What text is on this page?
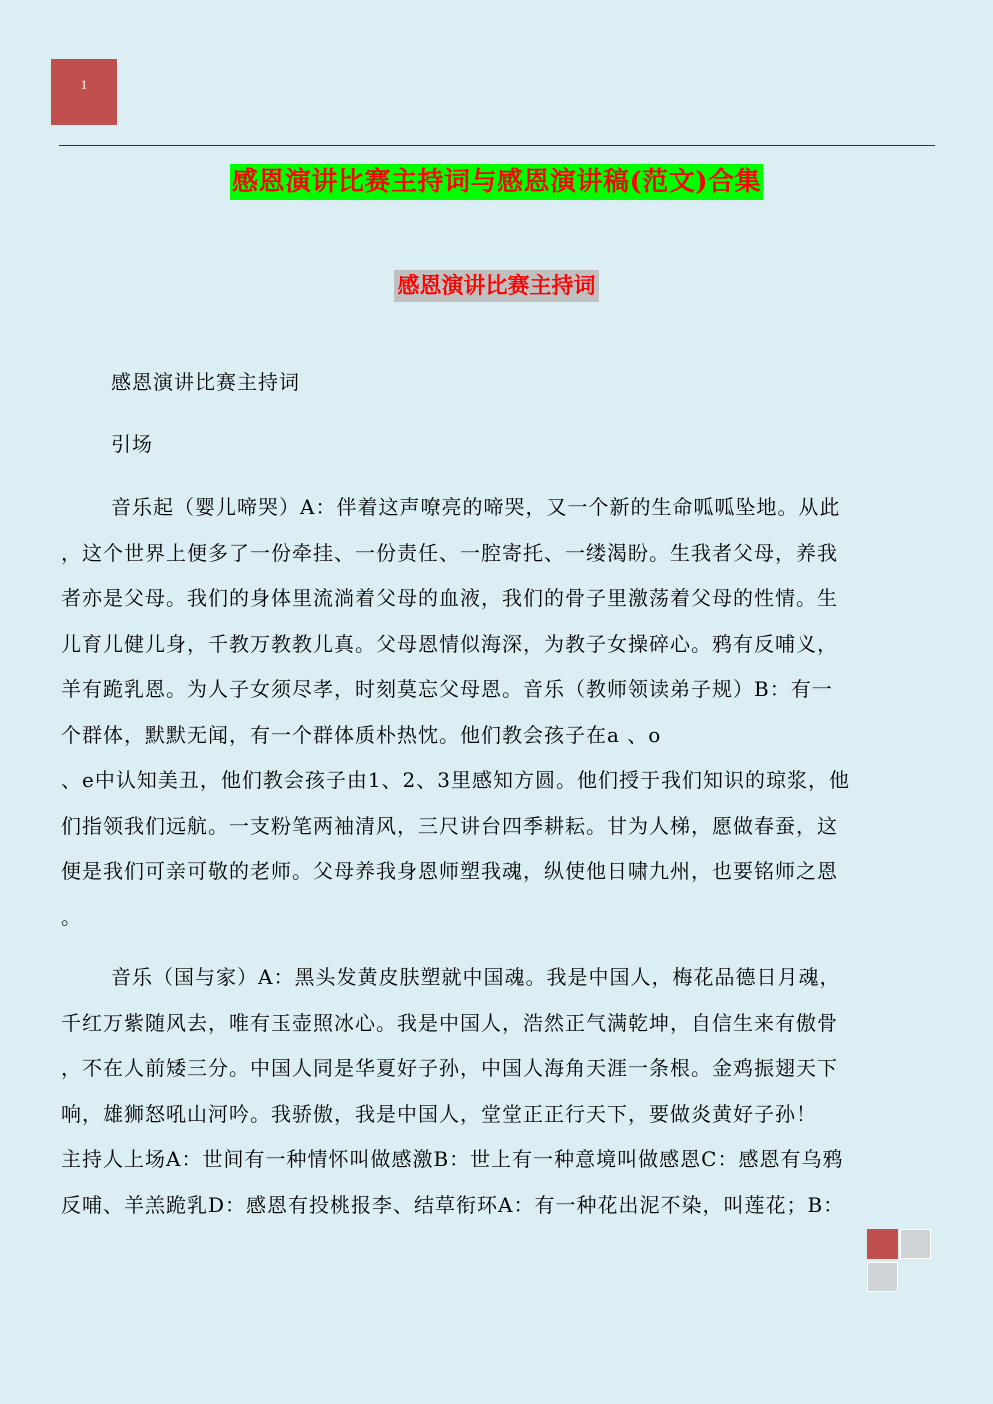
1
感恩演讲比赛主持词与感恩演讲稿(范文)合集
感恩演讲比赛主持词
感恩演讲比赛主持词
引场
音乐起（婴儿啼哭）A：伴着这声嘹亮的啼哭，又一个新的生命呱呱坠地。从此
，这个世界上便多了一份牵挂、一份责任、一腔寄托、一缕渴盼。生我者父母，养我
者亦是父母。我们的身体里流淌着父母的血液，我们的骨子里激荡着父母的性情。生
儿育儿健儿身，千教万教教儿真。父母恩情似海深，为教子女操碎心。鸦有反哺义，
羊有跪乳恩。为人子女须尽孝，时刻莫忘父母恩。音乐（教师领读弟子规）B：有一
个群体，默默无闻，有一个群体质朴热忱。他们教会孩子在a 、o
、e中认知美丑，他们教会孩子由1、2、3里感知方圆。他们授于我们知识的琼浆，他
们指领我们远航。一支粉笔两袖清风，三尺讲台四季耕耘。甘为人梯，愿做春蚕，这
便是我们可亲可敬的老师。父母养我身恩师塑我魂，纵使他日啸九州，也要铭师之恩
。
音乐（国与家）A：黑头发黄皮肤塑就中国魂。我是中国人，梅花品德日月魂，
千红万紫随风去，唯有玉壶照冰心。我是中国人，浩然正气满乾坤，自信生来有傲骨
，不在人前矮三分。中国人同是华夏好子孙，中国人海角天涯一条根。金鸡振翅天下
响，雄狮怒吼山河吟。我骄傲，我是中国人，堂堂正正行天下，要做炎黄好子孙！
主持人上场A：世间有一种情怀叫做感激B：世上有一种意境叫做感恩C：感恩有乌鸦
反哺、羊羔跪乳D：感恩有投桃报李、结草衔环A：有一种花出泥不染，叫莲花；B：
